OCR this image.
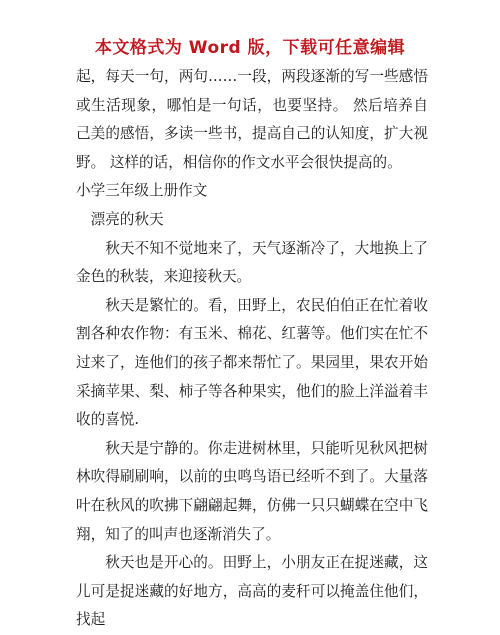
本文格式为 Word 版，下载可任意编辑

起，每天一句，两句……一段，两段逐渐的写一些感悟或生活现象，哪怕是一句话，也要坚持。 然后培养自己美的感悟，多读一些书，提高自己的认知度，扩大视野。 这样的话，相信你的作文水平会很快提高的。

小学三年级上册作文

漂亮的秋天

秋天不知不觉地来了，天气逐渐冷了，大地换上了金色的秋装，来迎接秋天。

秋天是繁忙的。看，田野上，农民伯伯正在忙着收割各种农作物：有玉米、棉花、红薯等。他们实在忙不过来了，连他们的孩子都来帮忙了。果园里，果农开始采摘苹果、梨、柿子等各种果实，他们的脸上洋溢着丰收的喜悦.

秋天是宁静的。你走进树林里，只能听见秋风把树林吹得刷刷响，以前的虫鸣鸟语已经听不到了。大量落叶在秋风的吹拂下翩翩起舞，仿佛一只只蝴蝶在空中飞翔，知了的叫声也逐渐消失了。

秋天也是开心的。田野上，小朋友正在捉迷藏，这儿可是捉迷藏的好地方，高高的麦秆可以掩盖住他们，找起
